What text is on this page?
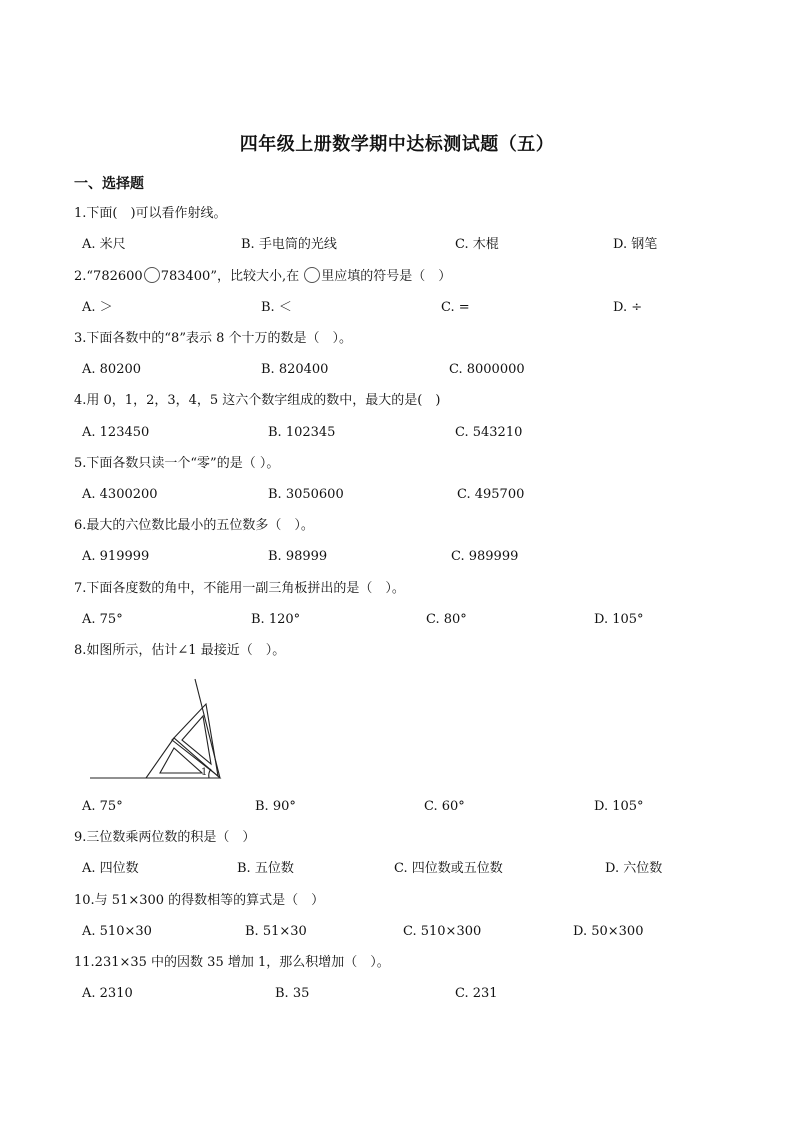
四年级上册数学期中达标测试题（五）
一、选择题
1.下面(　)可以看作射线。
A. 米尺	B. 手电筒的光线	C. 木棍	D. 钢笔
2.“782600 783400”，比较大小,在 里应填的符号是（　）
A. ＞	B. ＜	C. =	D. ÷
3.下面各数中的“8”表示 8 个十万的数是（　）。
A. 80200	B. 820400	C. 8000000
4.用 0，1，2，3，4，5 这六个数字组成的数中，最大的是(　)
A. 123450	B. 102345	C. 543210
5.下面各数只读一个“零”的是（ ）。
A. 4300200	B. 3050600	C. 495700
6.最大的六位数比最小的五位数多（　）。
A. 919999	B. 98999	C. 989999
7.下面各度数的角中，不能用一副三角板拼出的是（　）。
A. 75°	B. 120°	C. 80°	D. 105°
8.如图所示，估计∠1 最接近（　）。
1
A. 75°	B. 90°	C. 60°	D. 105°
9.三位数乘两位数的积是（　）
A. 四位数	B. 五位数	C. 四位数或五位数	D. 六位数
10.与 51×300 的得数相等的算式是（　）
A. 510×30	B. 51×30	C. 510×300	D. 50×300
11.231×35 中的因数 35 增加 1，那么积增加（　）。
A. 2310	B. 35	C. 231
